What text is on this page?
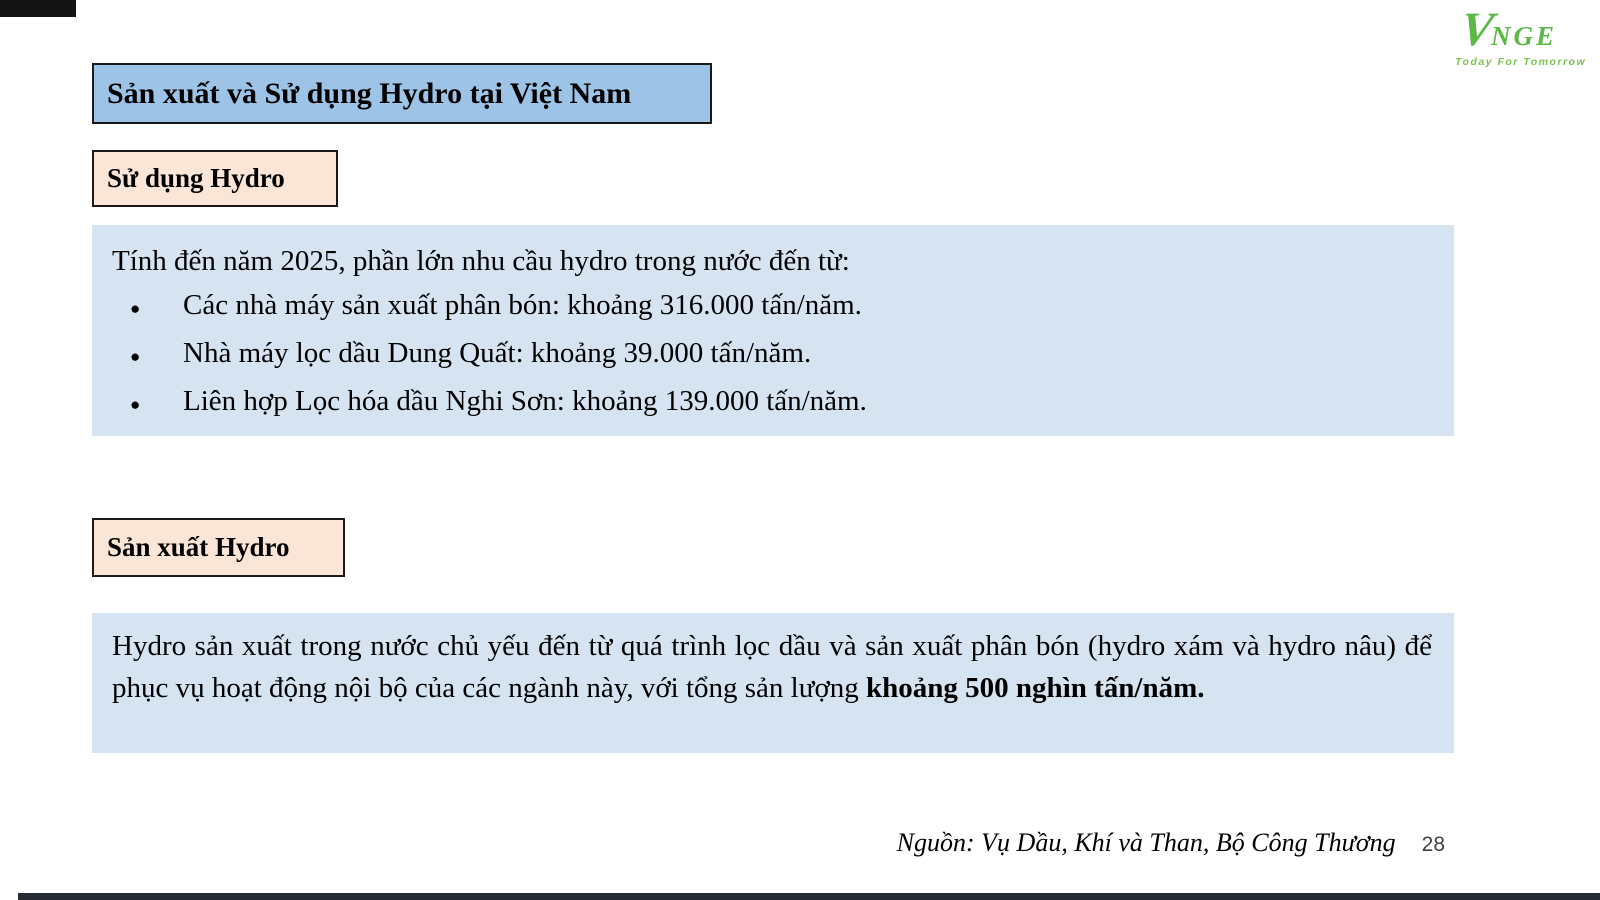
VNGE
Today For Tomorrow
Sản xuất và Sử dụng Hydro tại Việt Nam
Sử dụng Hydro

Tính đến năm 2025, phần lớn nhu cầu hydro trong nước đến từ:

● Các nhà máy sản xuất phân bón: khoảng 316.000 tấn/năm.
● Nhà máy lọc dầu Dung Quất: khoảng 39.000 tấn/năm.
● Liên hợp Lọc hóa dầu Nghi Sơn: khoảng 139.000 tấn/năm.
Sản xuất Hydro

Hydro sản xuất trong nước chủ yếu đến từ quá trình lọc dầu và sản xuất phân bón (hydro xám và hydro nâu) để phục vụ hoạt động nội bộ của các ngành này, với tổng sản lượng khoảng 500 nghìn tấn/năm.

Nguồn: Vụ Dầu, Khí và Than, Bộ Công Thương 28
